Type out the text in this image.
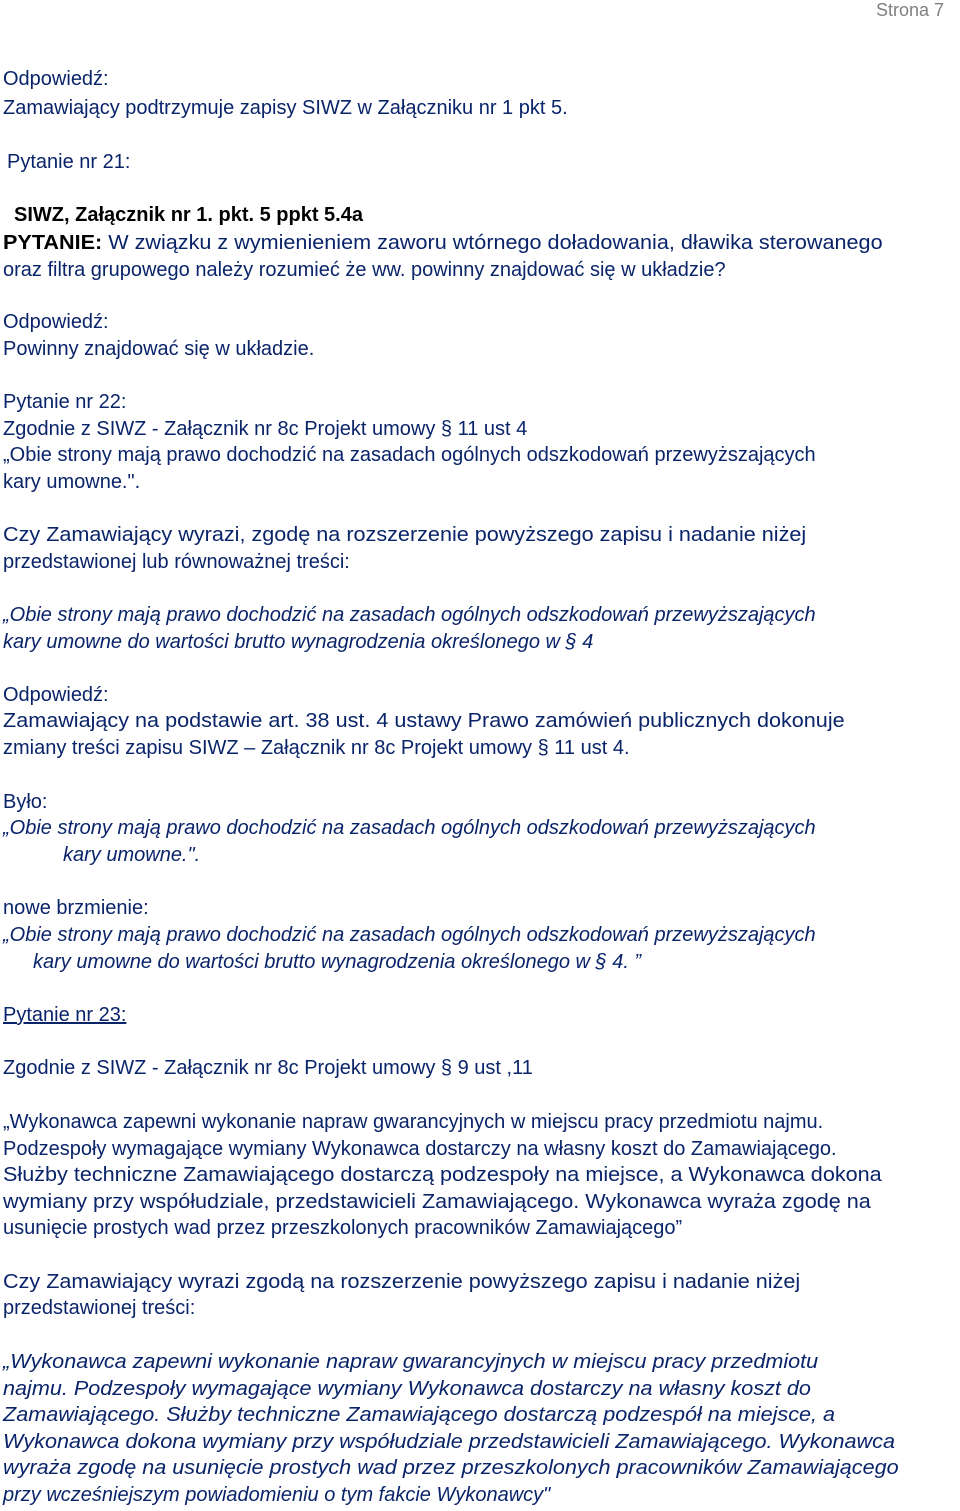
Strona 7
Odpowiedź:
Zamawiający podtrzymuje zapisy SIWZ w Załączniku nr 1 pkt 5.
Pytanie nr 21:
SIWZ, Załącznik nr 1. pkt. 5 ppkt 5.4a
PYTANIE: W związku z wymienieniem zaworu wtórnego doładowania, dławika sterowanego
oraz filtra grupowego należy rozumieć że ww. powinny znajdować się w układzie?
Odpowiedź:
Powinny znajdować się w układzie.
Pytanie nr 22:
Zgodnie z SIWZ - Załącznik nr 8c Projekt umowy § 11 ust 4
„Obie strony mają prawo dochodzić na zasadach ogólnych odszkodowań przewyższających
kary umowne.".
Czy Zamawiający wyrazi, zgodę na rozszerzenie powyższego zapisu i nadanie niżej
przedstawionej lub równoważnej treści:
„Obie strony mają prawo dochodzić na zasadach ogólnych odszkodowań przewyższających
kary umowne do wartości brutto wynagrodzenia określonego w § 4
Odpowiedź:
Zamawiający na podstawie art. 38 ust. 4 ustawy Prawo zamówień publicznych dokonuje
zmiany treści zapisu SIWZ – Załącznik nr 8c Projekt umowy § 11 ust 4.
Było:
„Obie strony mają prawo dochodzić na zasadach ogólnych odszkodowań przewyższających
kary umowne.".
nowe brzmienie:
„Obie strony mają prawo dochodzić na zasadach ogólnych odszkodowań przewyższających
kary umowne do wartości brutto wynagrodzenia określonego w § 4. ”
Pytanie nr 23:
Zgodnie z SIWZ - Załącznik nr 8c Projekt umowy § 9 ust ,11
„Wykonawca zapewni wykonanie napraw gwarancyjnych w miejscu pracy przedmiotu najmu.
Podzespoły wymagające wymiany Wykonawca dostarczy na własny koszt do Zamawiającego.
Służby techniczne Zamawiającego dostarczą podzespoły na miejsce, a Wykonawca dokona
wymiany przy współudziale, przedstawicieli Zamawiającego. Wykonawca wyraża zgodę na
usunięcie prostych wad przez przeszkolonych pracowników Zamawiającego”
Czy Zamawiający wyrazi zgodą na rozszerzenie powyższego zapisu i nadanie niżej
przedstawionej treści:
„Wykonawca zapewni wykonanie napraw gwarancyjnych w miejscu pracy przedmiotu
najmu. Podzespoły wymagające wymiany Wykonawca dostarczy na własny koszt do
Zamawiającego. Służby techniczne Zamawiającego dostarczą podzespół na miejsce, a
Wykonawca dokona wymiany przy współudziale przedstawicieli Zamawiającego. Wykonawca
wyraża zgodę na usunięcie prostych wad przez przeszkolonych pracowników Zamawiającego
przy wcześniejszym powiadomieniu o tym fakcie Wykonawcy"
